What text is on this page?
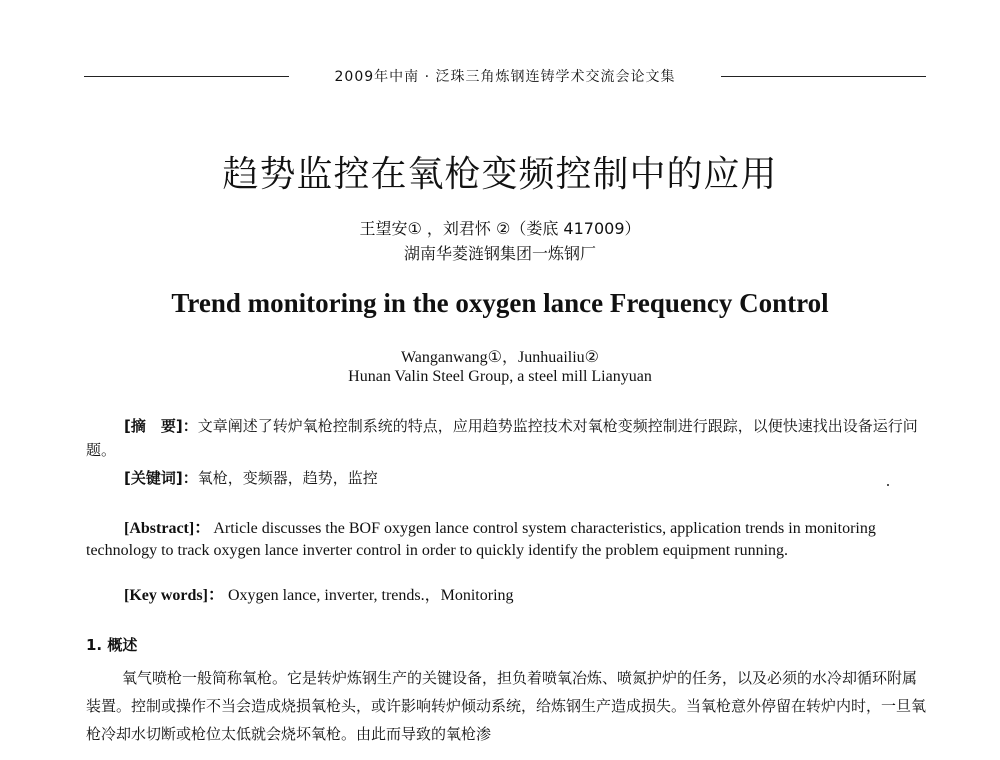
2009年中南 · 泛珠三角炼钢连铸学术交流会论文集
趋势监控在氧枪变频控制中的应用
王望安① ，刘君怀 ②（娄底 417009）
湖南华菱涟钢集团一炼钢厂
Trend monitoring in the oxygen lance Frequency Control
Wanganwang①，Junhuailiu②
Hunan Valin Steel Group, a steel mill Lianyuan
[摘　要]：文章阐述了转炉氧枪控制系统的特点，应用趋势监控技术对氧枪变频控制进行跟踪，以便快速找出设备运行问题。
[关键词]：氧枪，变频器，趋势，监控
[Abstract]： Article discusses the BOF oxygen lance control system characteristics, application trends in monitoring technology to track oxygen lance inverter control in order to quickly identify the problem equipment running.
[Key words]： Oxygen lance, inverter, trends.，Monitoring
1. 概述
氧气喷枪一般简称氧枪。它是转炉炼钢生产的关键设备，担负着喷氧冶炼、喷氮护炉的任务，以及必须的水冷却循环附属装置。控制或操作不当会造成烧损氧枪头，或许影响转炉倾动系统，给炼钢生产造成损失。当氧枪意外停留在转炉内时，一旦氧枪冷却水切断或枪位太低就会烧坏氧枪。由此而导致的氧枪渗
